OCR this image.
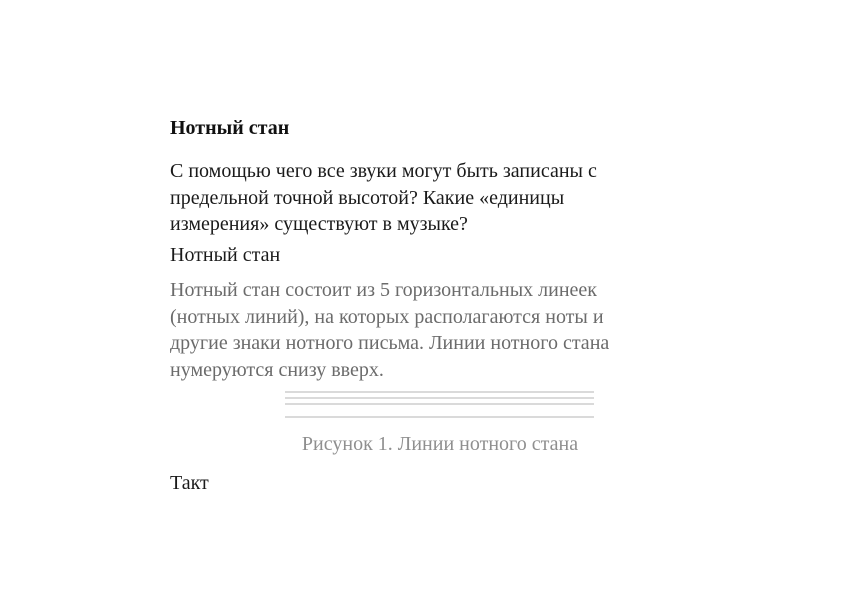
Нотный стан

С помощью чего все звуки могут быть записаны с предельной точной высотой? Какие «единицы измерения» существуют в музыке?

Нотный стан

Нотный стан состоит из 5 горизонтальных линеек (нотных линий), на которых располагаются ноты и другие знаки нотного письма. Линии нотного стана нумеруются снизу вверх.

Рисунок 1. Линии нотного стана

Такт
